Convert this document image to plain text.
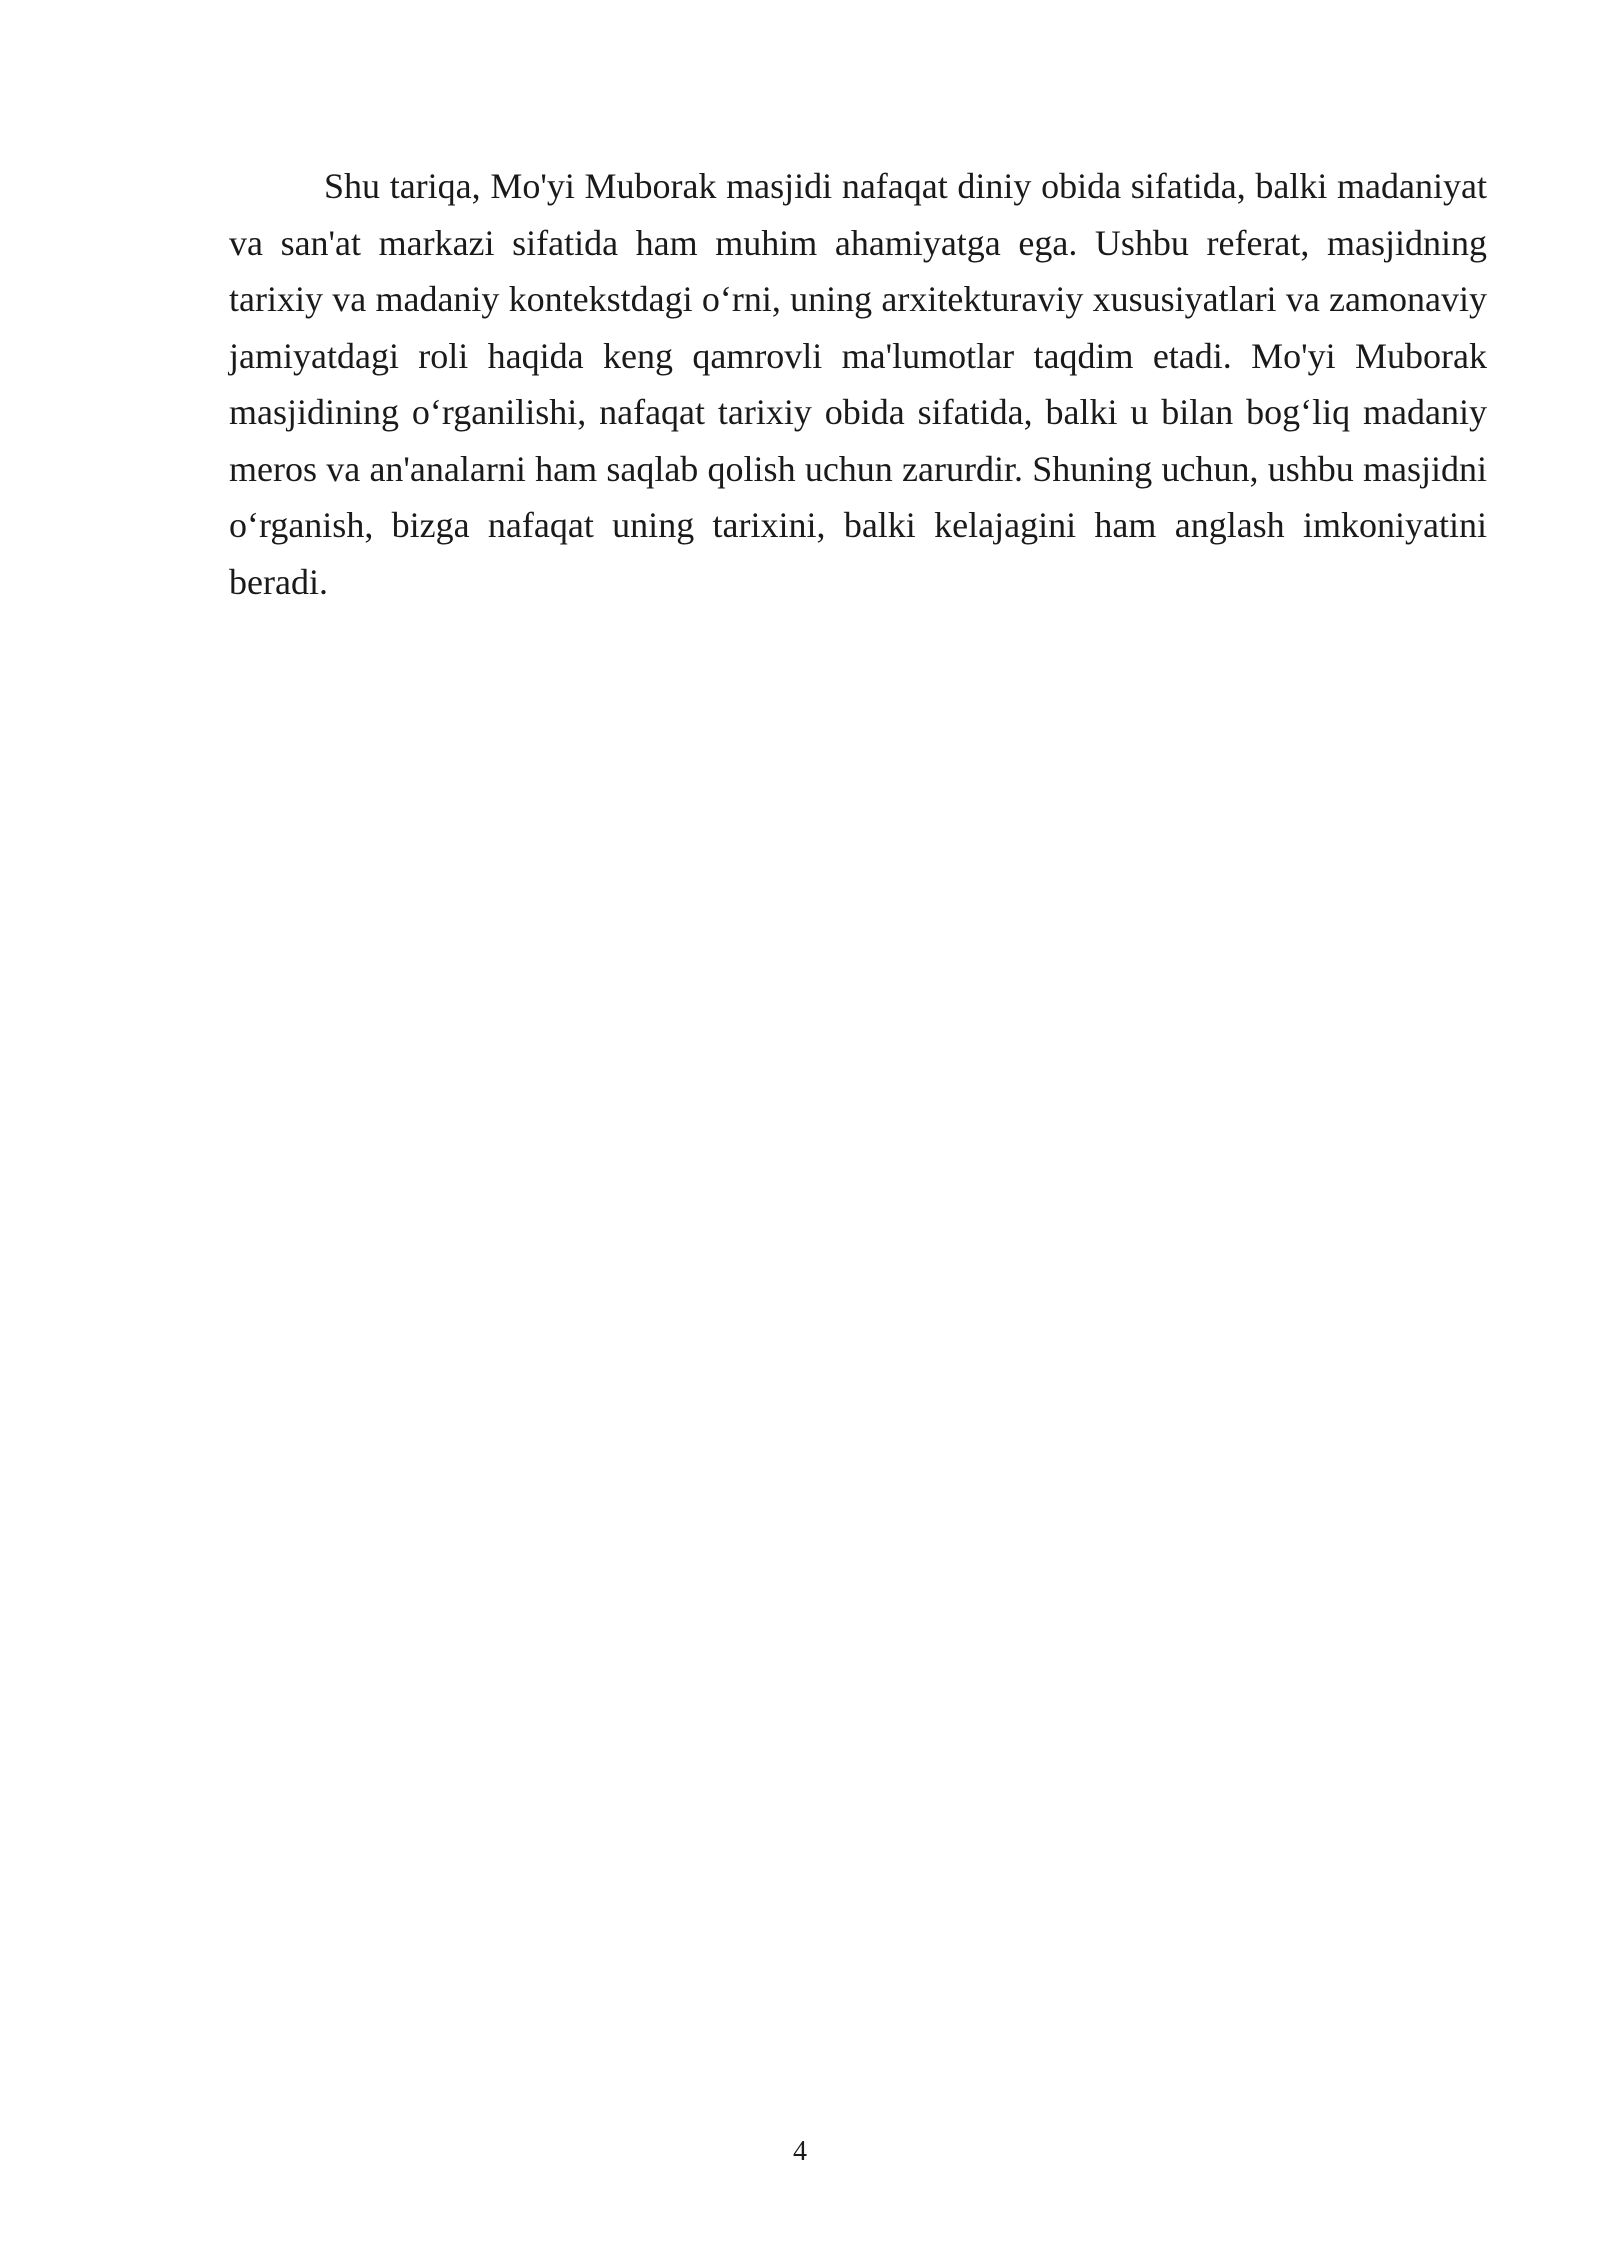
Shu tariqa, Mo'yi Muborak masjidi nafaqat diniy obida sifatida, balki madaniyat va san'at markazi sifatida ham muhim ahamiyatga ega. Ushbu referat, masjidning tarixiy va madaniy kontekstdagi o‘rni, uning arxitekturaviy xususiyatlari va zamonaviy jamiyatdagi roli haqida keng qamrovli ma'lumotlar taqdim etadi. Mo'yi Muborak masjidining o‘rganilishi, nafaqat tarixiy obida sifatida, balki u bilan bog‘liq madaniy meros va an'analarni ham saqlab qolish uchun zarurdir. Shuning uchun, ushbu masjidni o‘rganish, bizga nafaqat uning tarixini, balki kelajagini ham anglash imkoniyatini beradi.

4
